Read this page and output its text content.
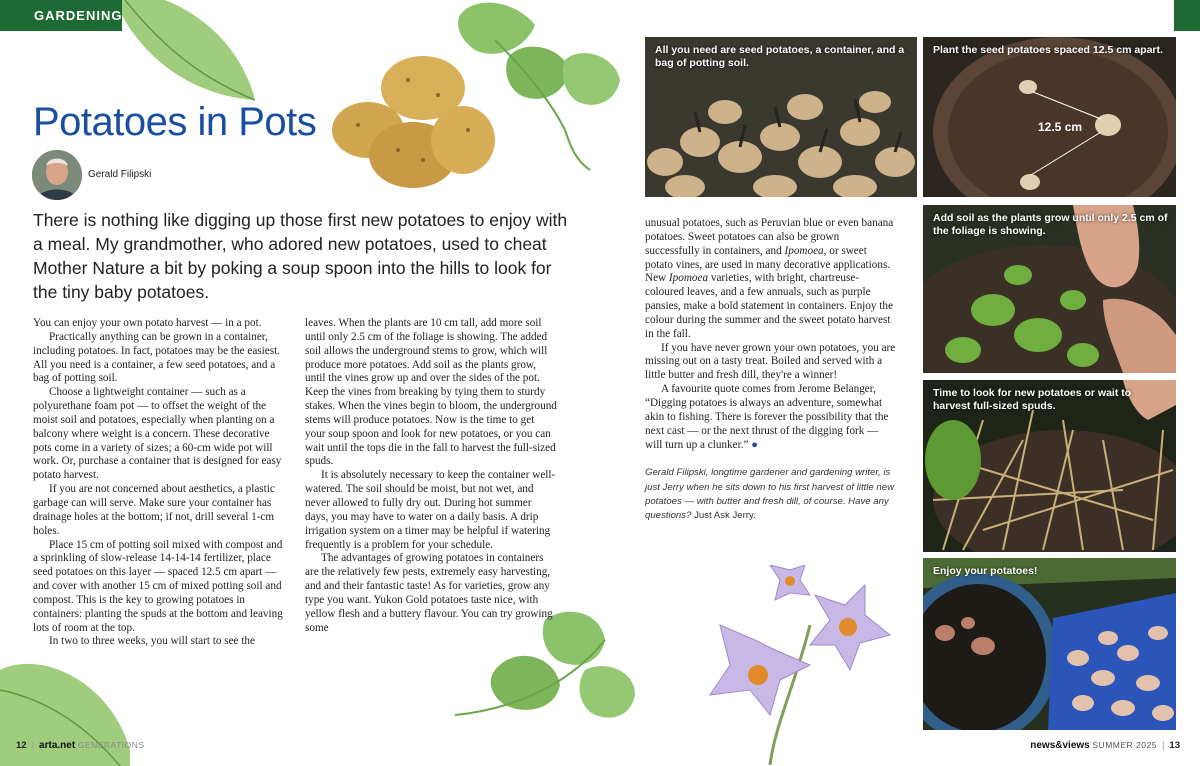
GARDENING
Potatoes in Pots
Gerald Filipski
There is nothing like digging up those first new potatoes to enjoy with a meal. My grandmother, who adored new potatoes, used to cheat Mother Nature a bit by poking a soup spoon into the hills to look for the tiny baby potatoes.

You can enjoy your own potato harvest — in a pot.

Practically anything can be grown in a container, including potatoes. In fact, potatoes may be the easiest. All you need is a container, a few seed potatoes, and a bag of potting soil.

Choose a lightweight container — such as a polyurethane foam pot — to offset the weight of the moist soil and potatoes, especially when planting on a balcony where weight is a concern. These decorative pots come in a variety of sizes; a 60-cm wide pot will work. Or, purchase a container that is designed for easy potato harvest.

If you are not concerned about aesthetics, a plastic garbage can will serve. Make sure your container has drainage holes at the bottom; if not, drill several 1-cm holes.

Place 15 cm of potting soil mixed with compost and a sprinkling of slow-release 14-14-14 fertilizer, place seed potatoes on this layer — spaced 12.5 cm apart — and cover with another 15 cm of mixed potting soil and compost. This is the key to growing potatoes in containers: planting the spuds at the bottom and leaving lots of room at the top.

In two to three weeks, you will start to see the

leaves. When the plants are 10 cm tall, add more soil until only 2.5 cm of the foliage is showing. The added soil allows the underground stems to grow, which will produce more potatoes. Add soil as the plants grow, until the vines grow up and over the sides of the pot. Keep the vines from breaking by tying them to sturdy stakes. When the vines begin to bloom, the underground stems will produce potatoes. Now is the time to get your soup spoon and look for new potatoes, or you can wait until the tops die in the fall to harvest the full-sized spuds.

It is absolutely necessary to keep the container well-watered. The soil should be moist, but not wet, and never allowed to fully dry out. During hot summer days, you may have to water on a daily basis. A drip irrigation system on a timer may be helpful if watering frequently is a problem for your schedule.

The advantages of growing potatoes in containers are the relatively few pests, extremely easy harvesting, and and their fantastic taste! As for varieties, grow any type you want. Yukon Gold potatoes taste nice, with yellow flesh and a buttery flavour. You can try growing some

unusual potatoes, such as Peruvian blue or even banana potatoes. Sweet potatoes can also be grown successfully in containers, and Ipomoea, or sweet potato vines, are used in many decorative applications. New Ipomoea varieties, with bright, chartreuse-coloured leaves, and a few annuals, such as purple pansies, make a bold statement in containers. Enjoy the colour during the summer and the sweet potato harvest in the fall.

If you have never grown your own potatoes, you are missing out on a tasty treat. Boiled and served with a little butter and fresh dill, they're a winner!

A favourite quote comes from Jerome Belanger, “Digging potatoes is always an adventure, somewhat akin to fishing. There is forever the possibility that the next cast — or the next thrust of the digging fork — will turn up a clunker.” ●

Gerald Filipski, longtime gardener and gardening writer, is just Jerry when he sits down to his first harvest of little new potatoes — with butter and fresh dill, of course. Have any questions? Just Ask Jerry.

All you need are seed potatoes, a container, and a bag of potting soil.
Plant the seed potatoes spaced 12.5 cm apart.
12.5 cm
Add soil as the plants grow until only 2.5 cm of the foliage is showing.
Time to look for new potatoes or wait to harvest full-sized spuds.
Enjoy your potatoes!
12 | arta.net GENERATIONS	news&views SUMMER 2025 | 13
